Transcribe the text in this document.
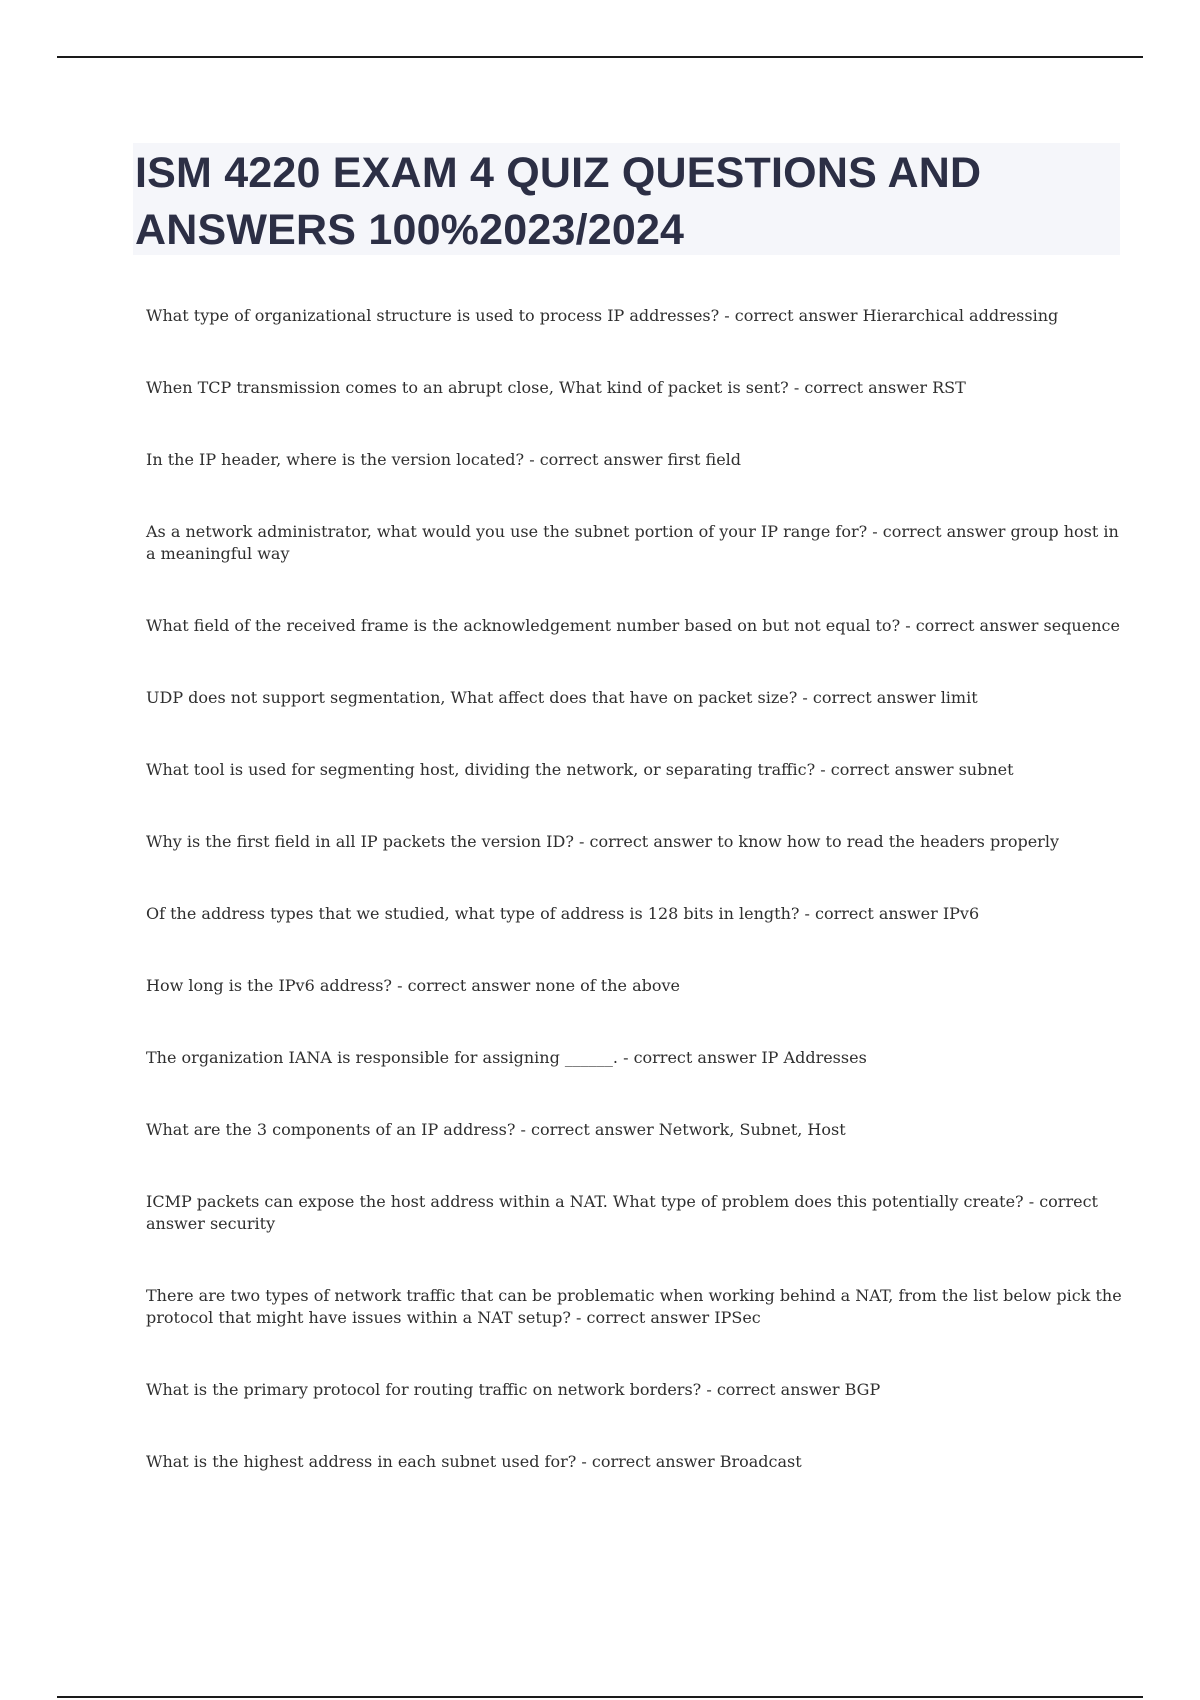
ISM 4220 EXAM 4 QUIZ QUESTIONS AND ANSWERS 100%2023/2024
What type of organizational structure is used to process IP addresses? - correct answer Hierarchical addressing
When TCP transmission comes to an abrupt close, What kind of packet is sent? - correct answer RST
In the IP header, where is the version located? - correct answer first field
As a network administrator, what would you use the subnet portion of your IP range for? - correct answer group host in a meaningful way
What field of the received frame is the acknowledgement number based on but not equal to? - correct answer sequence
UDP does not support segmentation, What affect does that have on packet size? - correct answer limit
What tool is used for segmenting host, dividing the network, or separating traffic? - correct answer subnet
Why is the first field in all IP packets the version ID? - correct answer to know how to read the headers properly
Of the address types that we studied, what type of address is 128 bits in length? - correct answer IPv6
How long is the IPv6 address? - correct answer none of the above
The organization IANA is responsible for assigning ______. - correct answer IP Addresses
What are the 3 components of an IP address? - correct answer Network, Subnet, Host
ICMP packets can expose the host address within a NAT. What type of problem does this potentially create? - correct answer security
There are two types of network traffic that can be problematic when working behind a NAT, from the list below pick the protocol that might have issues within a NAT setup? - correct answer IPSec
What is the primary protocol for routing traffic on network borders? - correct answer BGP
What is the highest address in each subnet used for? - correct answer Broadcast
